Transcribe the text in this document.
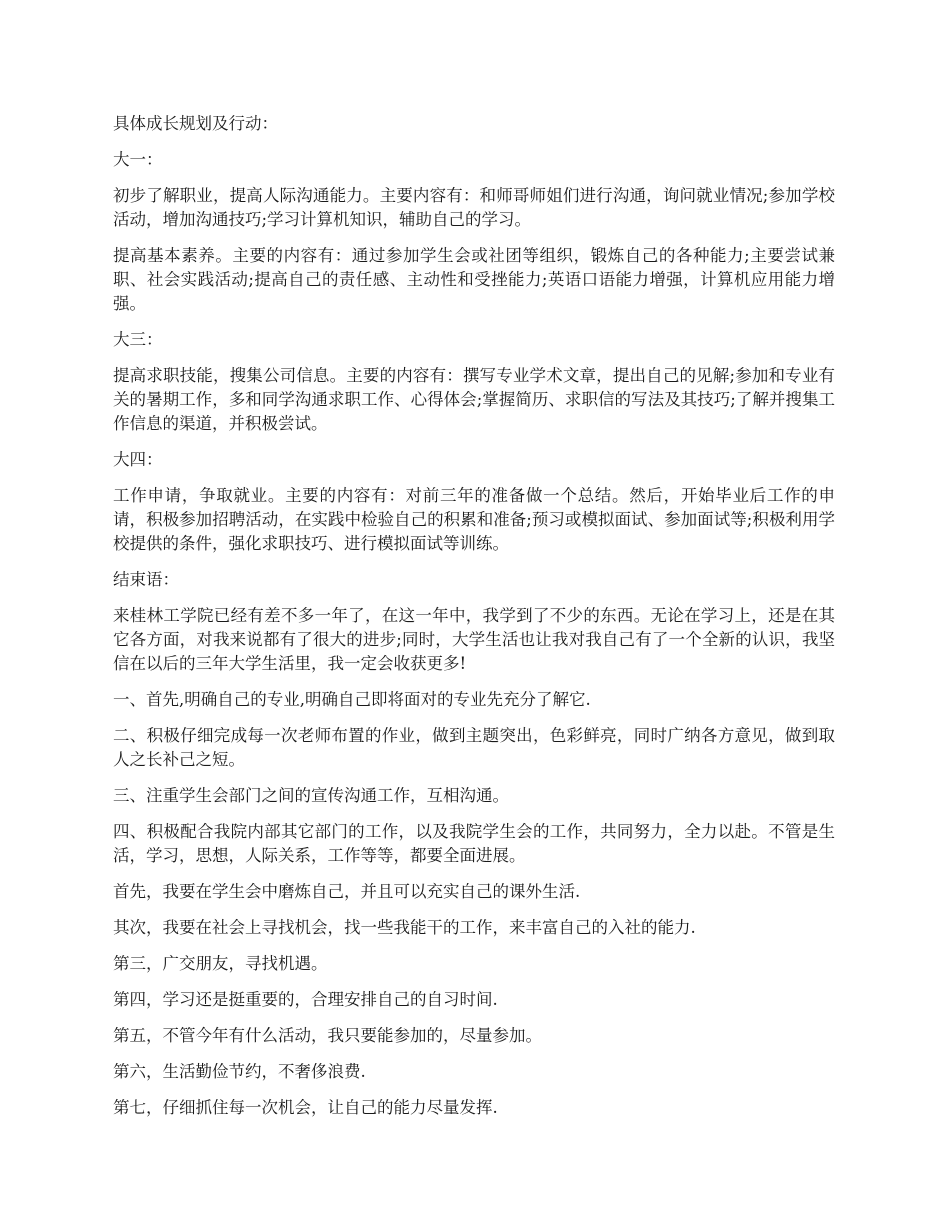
具体成长规划及行动：

大一：

初步了解职业，提高人际沟通能力。主要内容有：和师哥师姐们进行沟通，询问就业情况;参加学校活动，增加沟通技巧;学习计算机知识，辅助自己的学习。

提高基本素养。主要的内容有：通过参加学生会或社团等组织，锻炼自己的各种能力;主要尝试兼职、社会实践活动;提高自己的责任感、主动性和受挫能力;英语口语能力增强，计算机应用能力增强。

大三：

提高求职技能，搜集公司信息。主要的内容有：撰写专业学术文章，提出自己的见解;参加和专业有关的暑期工作，多和同学沟通求职工作、心得体会;掌握简历、求职信的写法及其技巧;了解并搜集工作信息的渠道，并积极尝试。

大四：

工作申请，争取就业。主要的内容有：对前三年的准备做一个总结。然后，开始毕业后工作的申请，积极参加招聘活动，在实践中检验自己的积累和准备;预习或模拟面试、参加面试等;积极利用学校提供的条件，强化求职技巧、进行模拟面试等训练。

结束语：

来桂林工学院已经有差不多一年了，在这一年中，我学到了不少的东西。无论在学习上，还是在其它各方面，对我来说都有了很大的进步;同时，大学生活也让我对我自己有了一个全新的认识，我坚信在以后的三年大学生活里，我一定会收获更多!

一、首先,明确自己的专业,明确自己即将面对的专业先充分了解它.

二、积极仔细完成每一次老师布置的作业，做到主题突出，色彩鲜亮，同时广纳各方意见，做到取人之长补己之短。

三、注重学生会部门之间的宣传沟通工作，互相沟通。

四、积极配合我院内部其它部门的工作，以及我院学生会的工作，共同努力，全力以赴。不管是生活，学习，思想，人际关系，工作等等，都要全面进展。

首先，我要在学生会中磨炼自己，并且可以充实自己的课外生活.

其次，我要在社会上寻找机会，找一些我能干的工作，来丰富自己的入社的能力.

第三，广交朋友，寻找机遇。

第四，学习还是挺重要的，合理安排自己的自习时间.

第五，不管今年有什么活动，我只要能参加的，尽量参加。

第六，生活勤俭节约，不奢侈浪费.

第七，仔细抓住每一次机会，让自己的能力尽量发挥.
